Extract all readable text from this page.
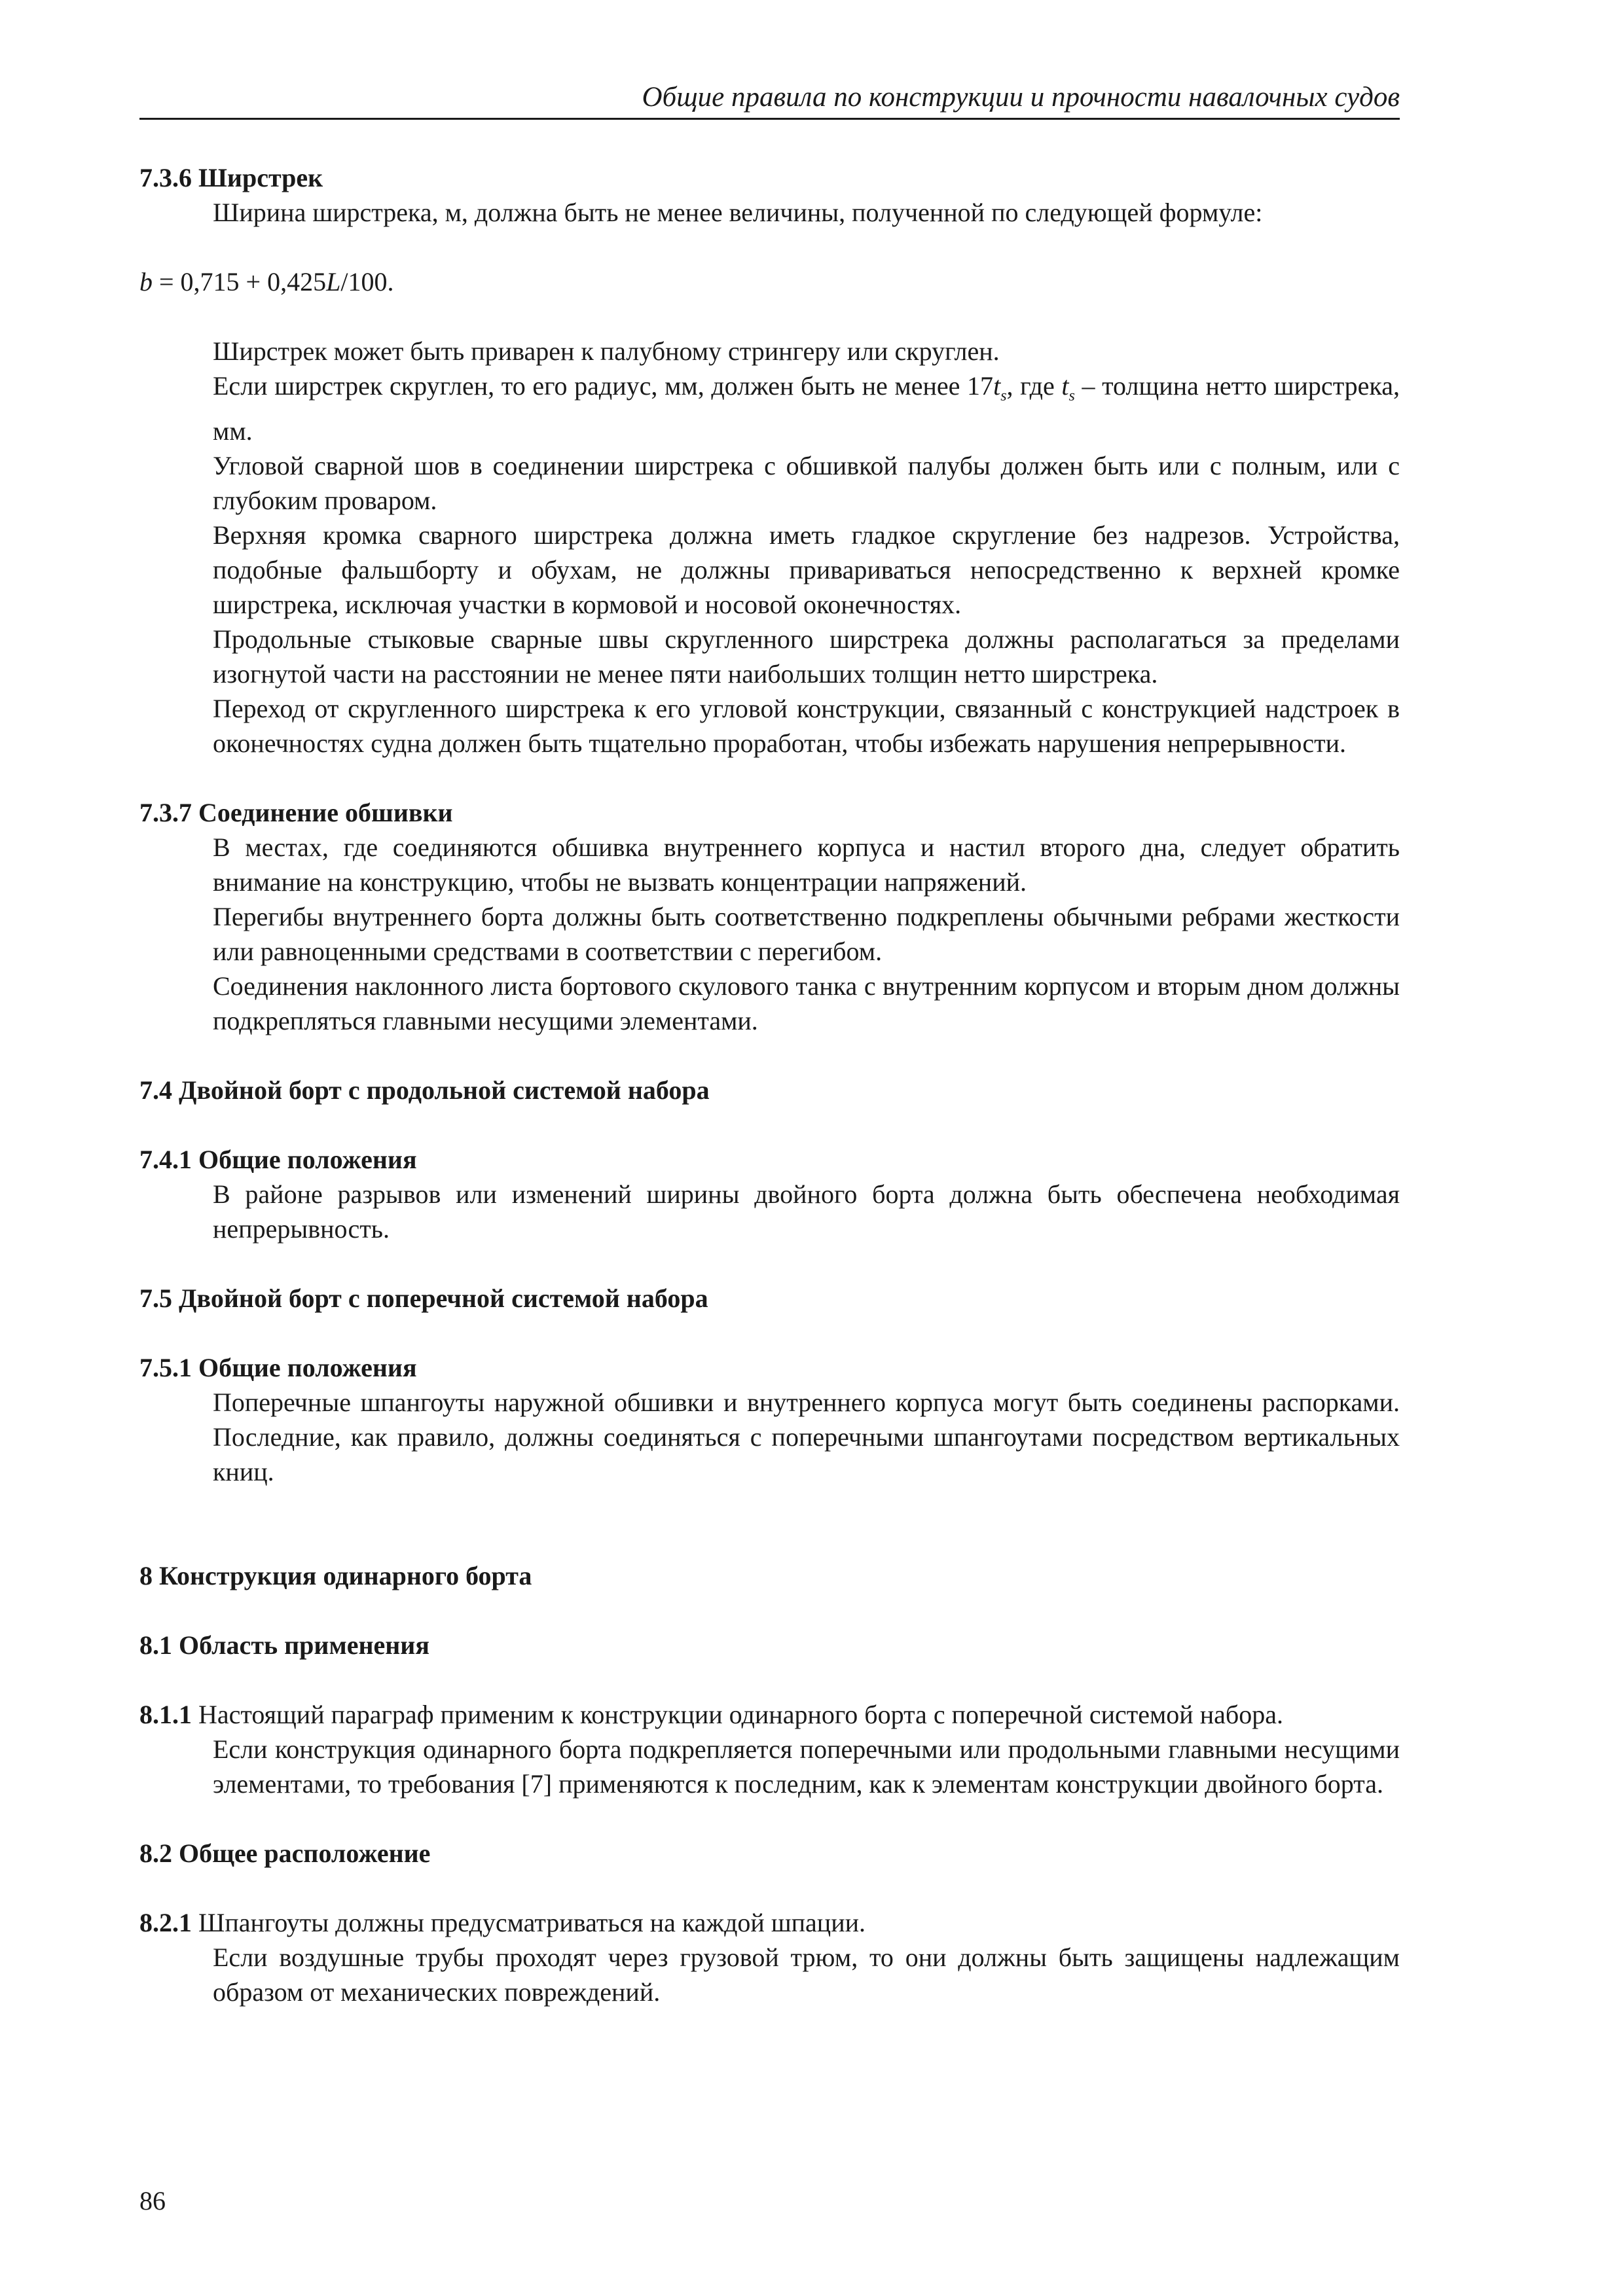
Общие правила по конструкции и прочности навалочных судов

7.3.6 Ширстрек

Ширина ширстрека, м, должна быть не менее величины, полученной по следующей формуле:

b = 0,715 + 0,425L/100.

Ширстрек может быть приварен к палубному стрингеру или скруглен.

Если ширстрек скруглен, то его радиус, мм, должен быть не менее $17t_s$, где $t_s$ – толщина нетто ширстрека, мм.

Угловой сварной шов в соединении ширстрека с обшивкой палубы должен быть или с полным, или с глубоким проваром.

Верхняя кромка сварного ширстрека должна иметь гладкое скругление без надрезов. Устройства, подобные фальшборту и обухам, не должны привариваться непосредственно к верхней кромке ширстрека, исключая участки в кормовой и носовой оконечностях.

Продольные стыковые сварные швы скругленного ширстрека должны располагаться за пределами изогнутой части на расстоянии не менее пяти наибольших толщин нетто ширстрека.

Переход от скругленного ширстрека к его угловой конструкции, связанный с конструкцией надстроек в оконечностях судна должен быть тщательно проработан, чтобы избежать нарушения непрерывности.

7.3.7 Соединение обшивки

В местах, где соединяются обшивка внутреннего корпуса и настил второго дна, следует обратить внимание на конструкцию, чтобы не вызвать концентрации напряжений.

Перегибы внутреннего борта должны быть соответственно подкреплены обычными ребрами жесткости или равноценными средствами в соответствии с перегибом.

Соединения наклонного листа бортового скулового танка с внутренним корпусом и вторым дном должны подкрепляться главными несущими элементами.

7.4 Двойной борт с продольной системой набора

7.4.1 Общие положения

В районе разрывов или изменений ширины двойного борта должна быть обеспечена необходимая непрерывность.

7.5 Двойной борт с поперечной системой набора

7.5.1 Общие положения

Поперечные шпангоуты наружной обшивки и внутреннего корпуса могут быть соединены распорками. Последние, как правило, должны соединяться с поперечными шпангоутами посредством вертикальных книц.

8 Конструкция одинарного борта

8.1 Область применения

8.1.1 Настоящий параграф применим к конструкции одинарного борта с поперечной системой набора.

Если конструкция одинарного борта подкрепляется поперечными или продольными главными несущими элементами, то требования [7] применяются к последним, как к элементам конструкции двойного борта.

8.2 Общее расположение

8.2.1 Шпангоуты должны предусматриваться на каждой шпации.

Если воздушные трубы проходят через грузовой трюм, то они должны быть защищены надлежащим образом от механических повреждений.

86
